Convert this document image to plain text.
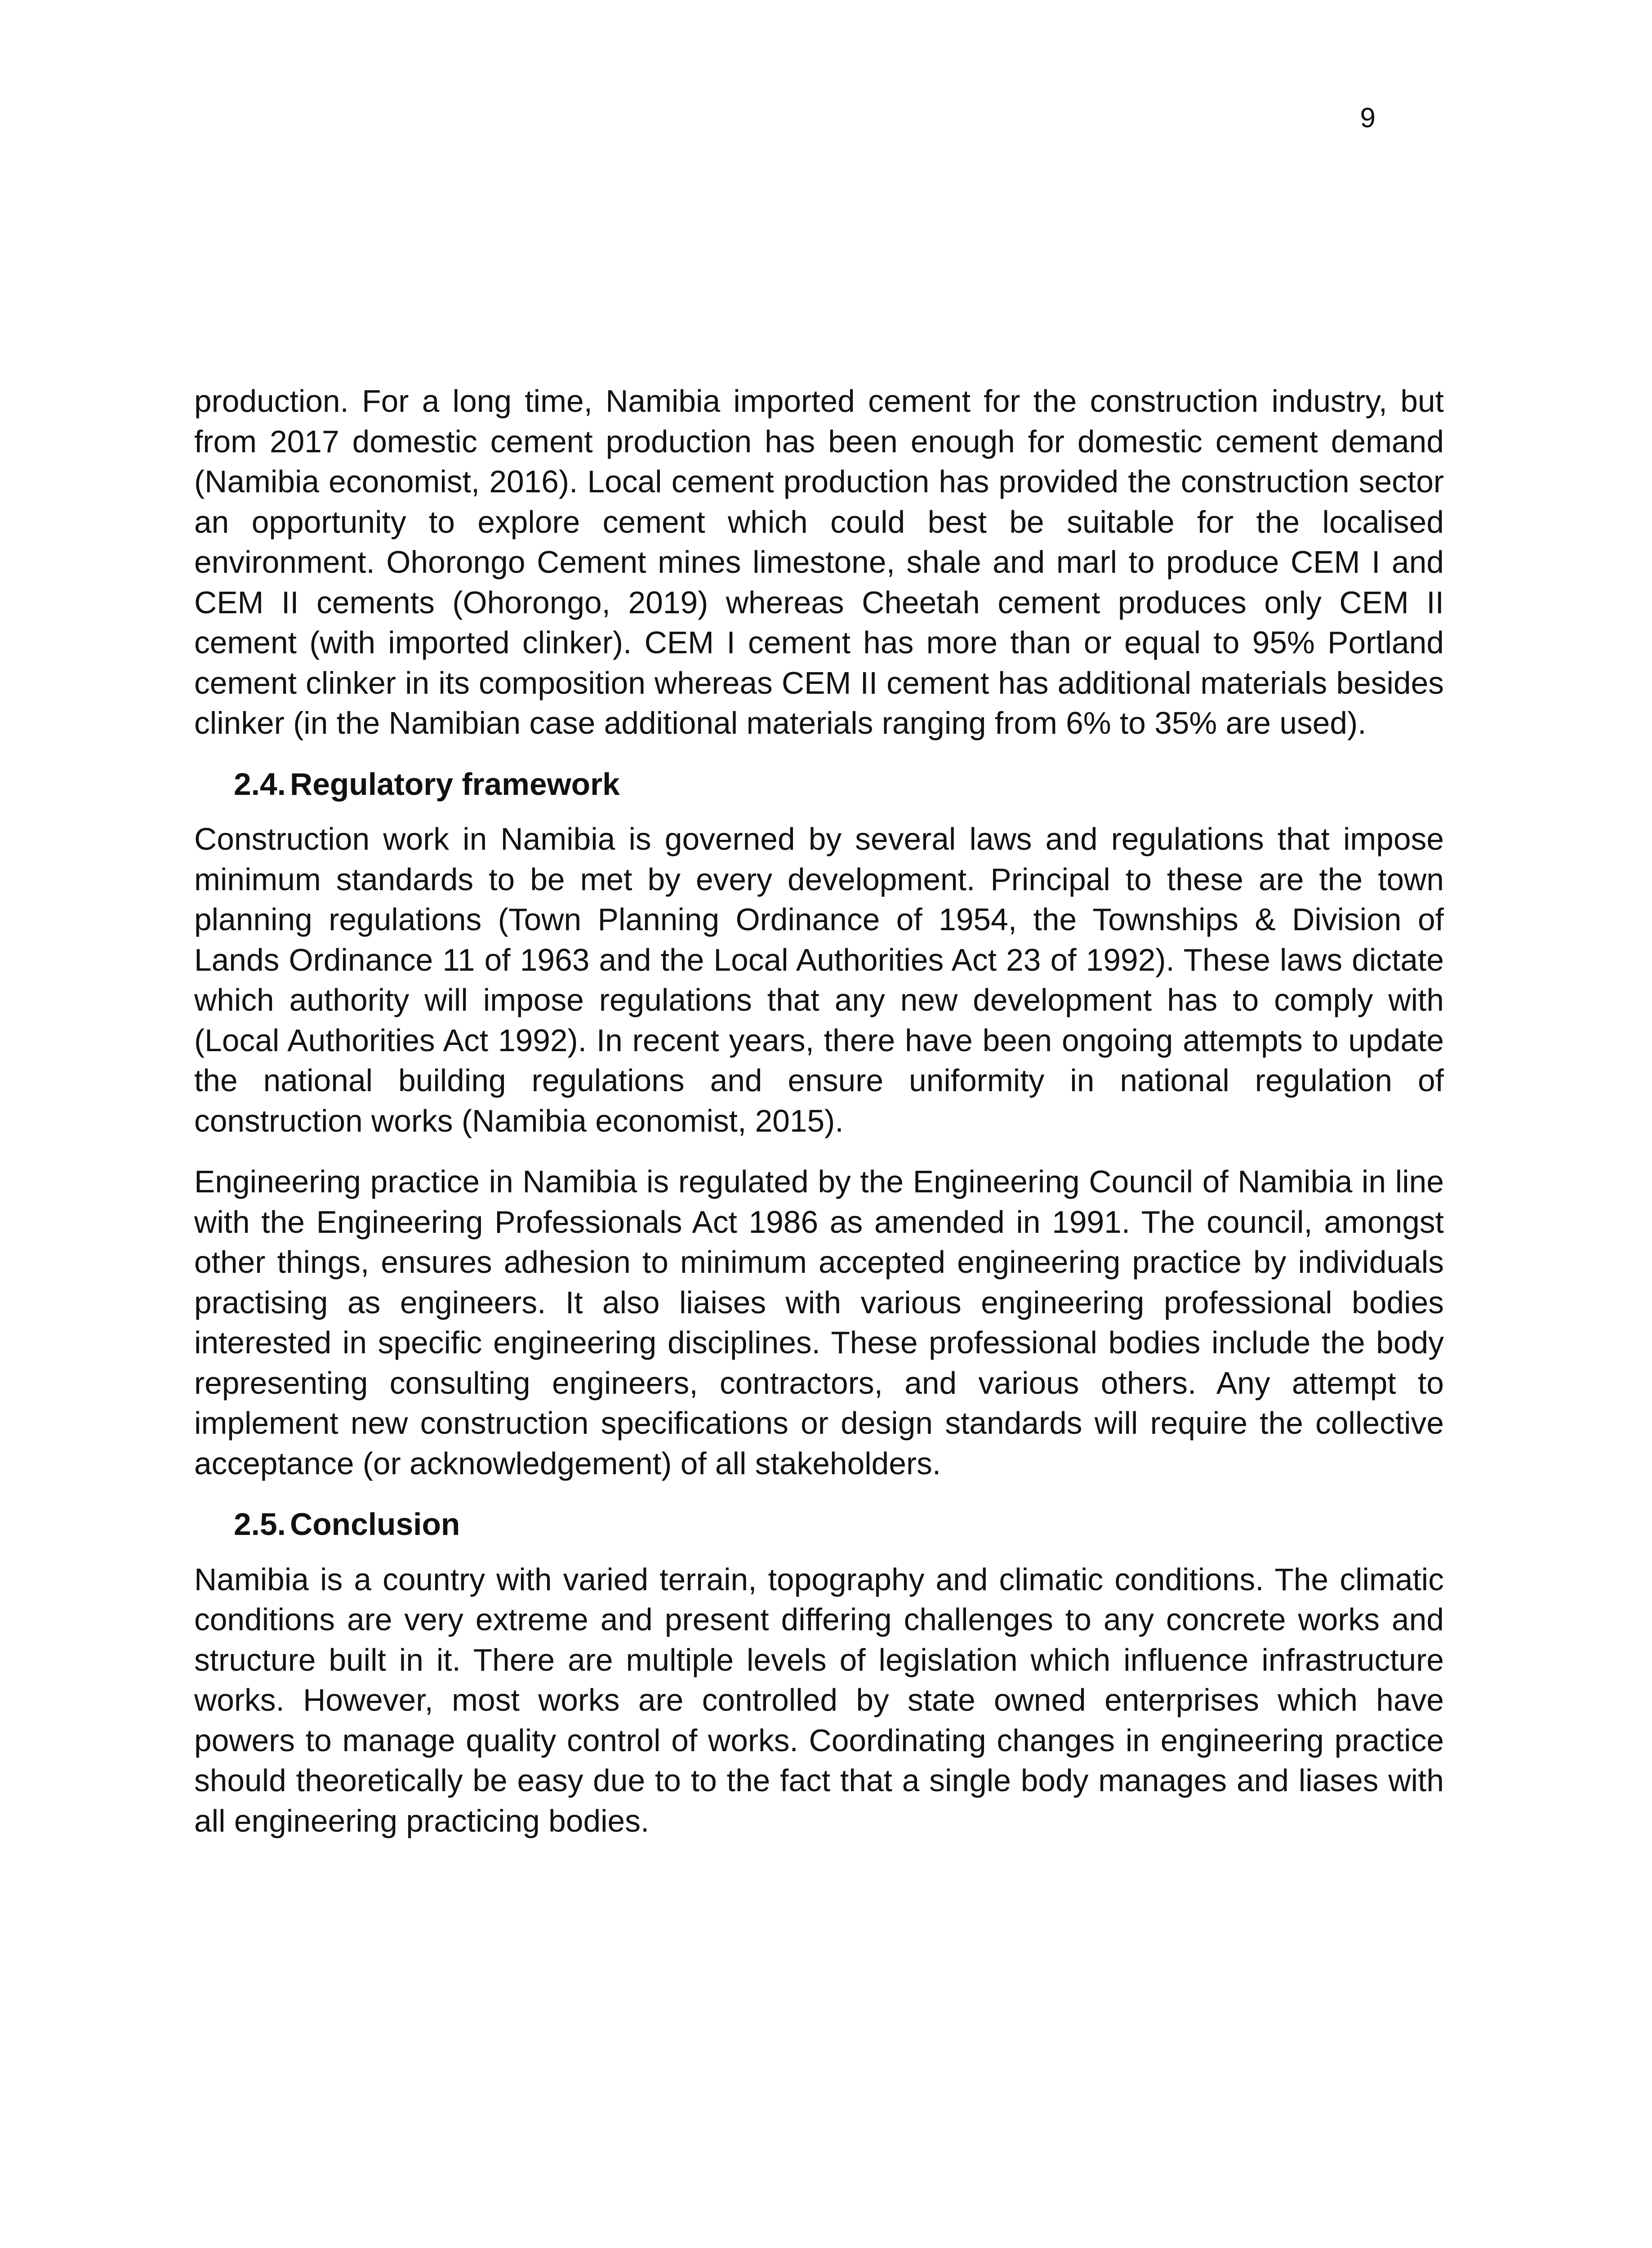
9

production. For a long time, Namibia imported cement for the construction industry, but from 2017 domestic cement production has been enough for domestic cement demand (Namibia economist, 2016). Local cement production has provided the construction sector an opportunity to explore cement which could best be suitable for the localised environment. Ohorongo Cement mines limestone, shale and marl to produce CEM I and CEM II cements (Ohorongo, 2019) whereas Cheetah cement produces only CEM II cement (with imported clinker). CEM I cement has more than or equal to 95% Portland cement clinker in its composition whereas CEM II cement has additional materials besides clinker (in the Namibian case additional materials ranging from 6% to 35% are used).

2.4. Regulatory framework

Construction work in Namibia is governed by several laws and regulations that impose minimum standards to be met by every development. Principal to these are the town planning regulations (Town Planning Ordinance of 1954, the Townships & Division of Lands Ordinance 11 of 1963 and the Local Authorities Act 23 of 1992). These laws dictate which authority will impose regulations that any new development has to comply with (Local Authorities Act 1992). In recent years, there have been ongoing attempts to update the national building regulations and ensure uniformity in national regulation of construction works (Namibia economist, 2015).

Engineering practice in Namibia is regulated by the Engineering Council of Namibia in line with the Engineering Professionals Act 1986 as amended in 1991. The council, amongst other things, ensures adhesion to minimum accepted engineering practice by individuals practising as engineers. It also liaises with various engineering professional bodies interested in specific engineering disciplines. These professional bodies include the body representing consulting engineers, contractors, and various others. Any attempt to implement new construction specifications or design standards will require the collective acceptance (or acknowledgement) of all stakeholders.

2.5. Conclusion

Namibia is a country with varied terrain, topography and climatic conditions. The climatic conditions are very extreme and present differing challenges to any concrete works and structure built in it. There are multiple levels of legislation which influence infrastructure works. However, most works are controlled by state owned enterprises which have powers to manage quality control of works. Coordinating changes in engineering practice should theoretically be easy due to to the fact that a single body manages and liases with all engineering practicing bodies.
